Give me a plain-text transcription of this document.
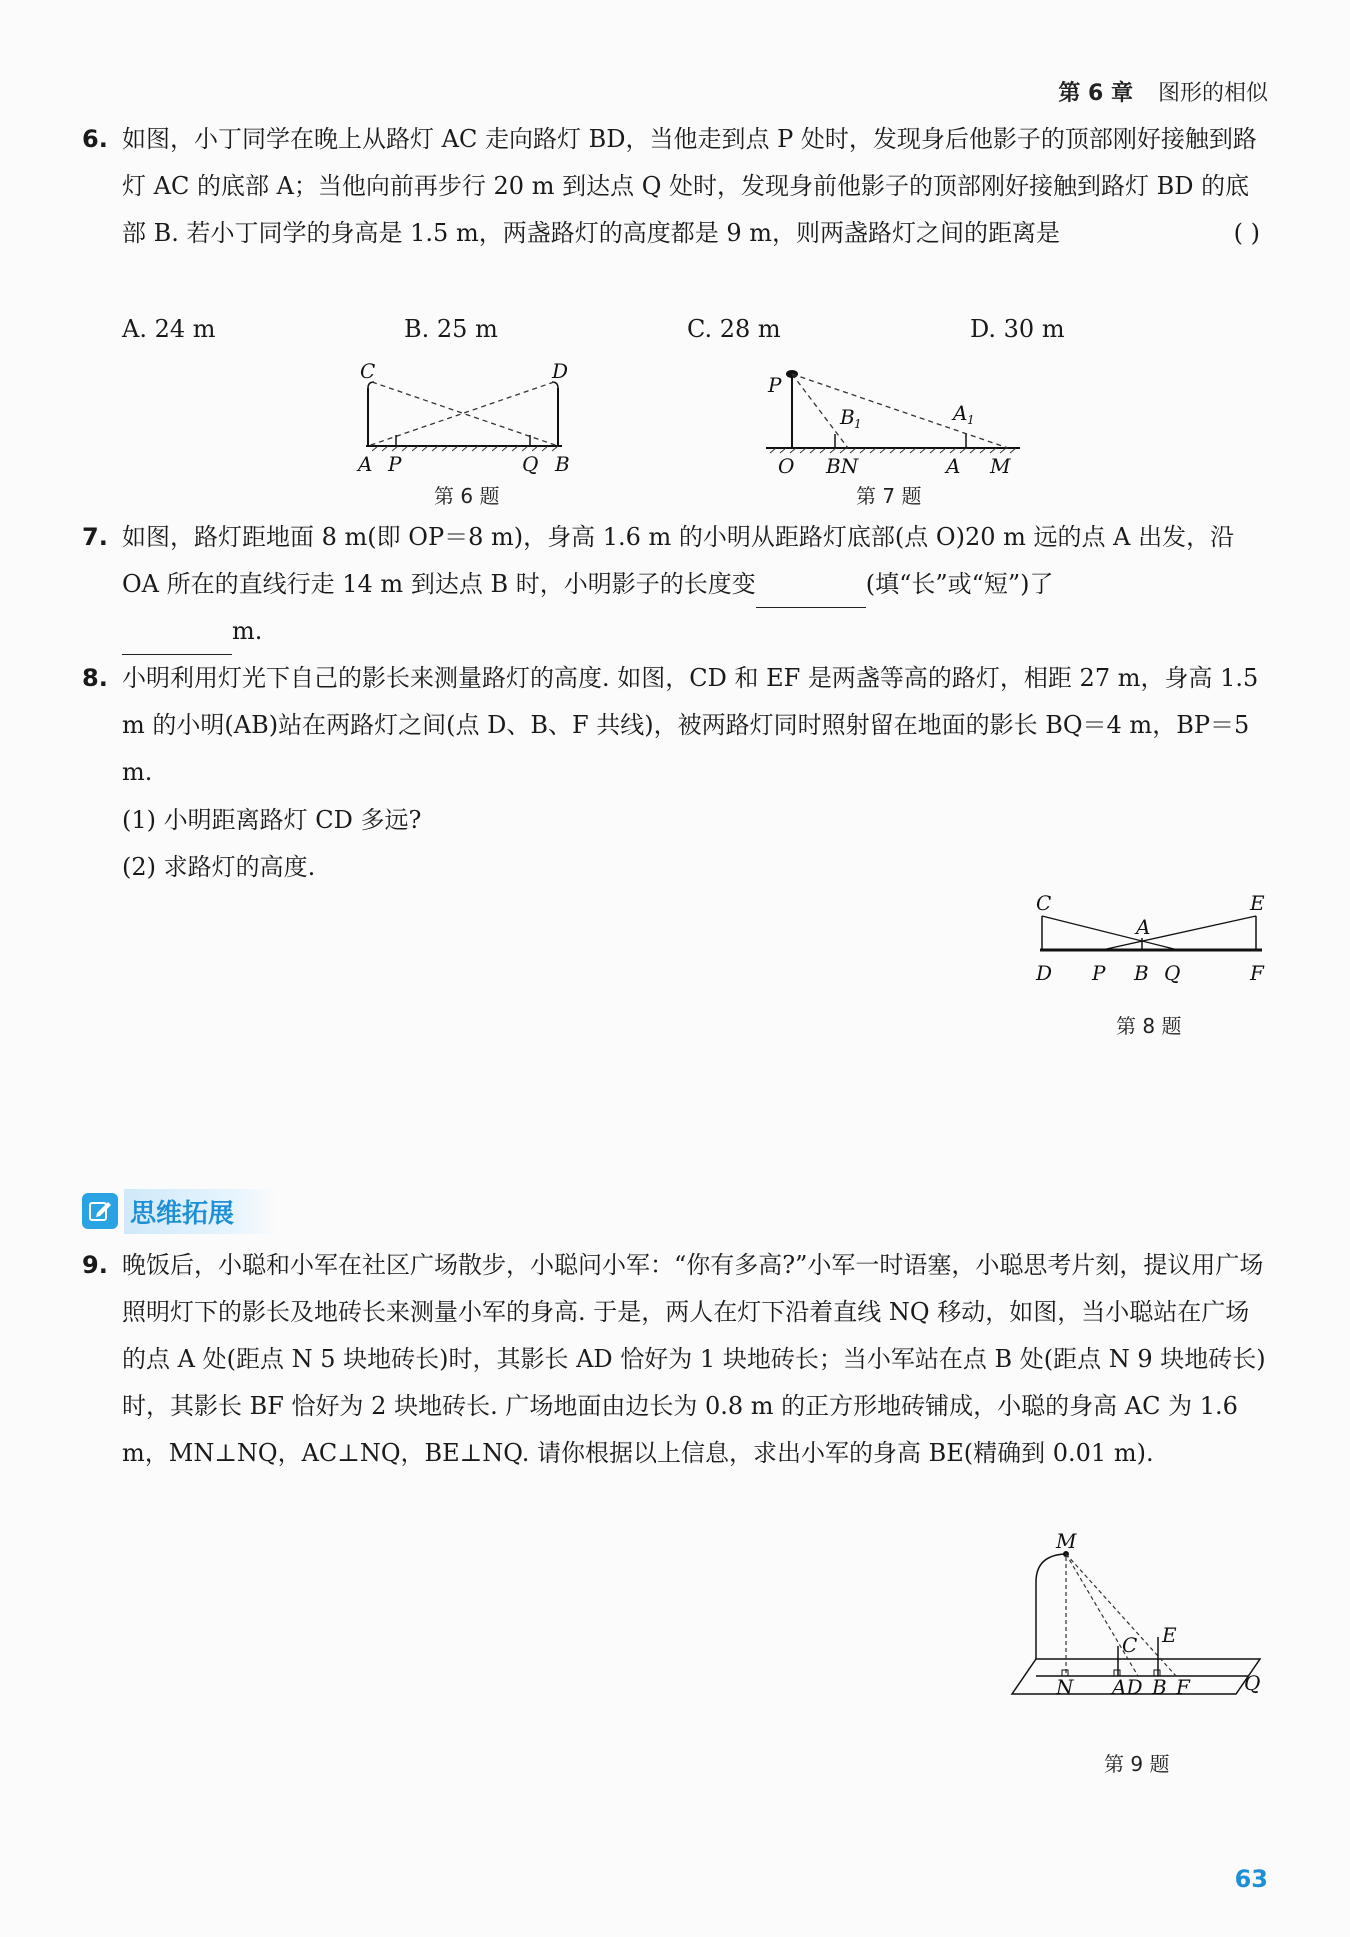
第 6 章 图形的相似
6. 如图，小丁同学在晚上从路灯 AC 走向路灯 BD，当他走到点 P 处时，发现身后他影子的顶部刚好接触到路灯 AC 的底部 A；当他向前再步行 20 m 到达点 Q 处时，发现身前他影子的顶部刚好接触到路灯 BD 的底部 B. 若小丁同学的身高是 1.5 m，两盏路灯的高度都是 9 m，则两盏路灯之间的距离是	( )
A. 24 m	B. 25 m	C. 28 m	D. 30 m
C	D
A P	Q B
第 6 题
P
B 1	A 1
O BN	A M
第 7 题
7. 如图，路灯距地面 8 m(即 OP＝8 m)，身高 1.6 m 的小明从距路灯底部(点 O)20 m 远的点 A 出发，沿 OA 所在的直线行走 14 m 到达点 B 时，小明影子的长度变	(填“长”或“短”)了
m.
8. 小明利用灯光下自己的影长来测量路灯的高度. 如图，CD 和 EF 是两盏等高的路灯，相距 27 m，身高 1.5 m 的小明(AB)站在两路灯之间(点 D、B、F 共线)，被两路灯同时照射留在地面的影长 BQ＝4 m，BP＝5 m.
(1) 小明距离路灯 CD 多远?
(2) 求路灯的高度.
C	E
A
D P B Q	F
第 8 题
思维拓展
9. 晚饭后，小聪和小军在社区广场散步，小聪问小军：“你有多高?”小军一时语塞，小聪思考片刻，提议用广场照明灯下的影长及地砖长来测量小军的身高. 于是，两人在灯下沿着直线 NQ 移动，如图，当小聪站在广场的点 A 处(距点 N 5 块地砖长)时，其影长 AD 恰好为 1 块地砖长；当小军站在点 B 处(距点 N 9 块地砖长)时，其影长 BF 恰好为 2 块地砖长. 广场地面由边长为 0.8 m 的正方形地砖铺成，小聪的身高 AC 为 1.6 m，MN⊥NQ，AC⊥NQ，BE⊥NQ. 请你根据以上信息，求出小军的身高 BE(精确到 0.01 m).
M
C E
N AD B F	Q
第 9 题
63
